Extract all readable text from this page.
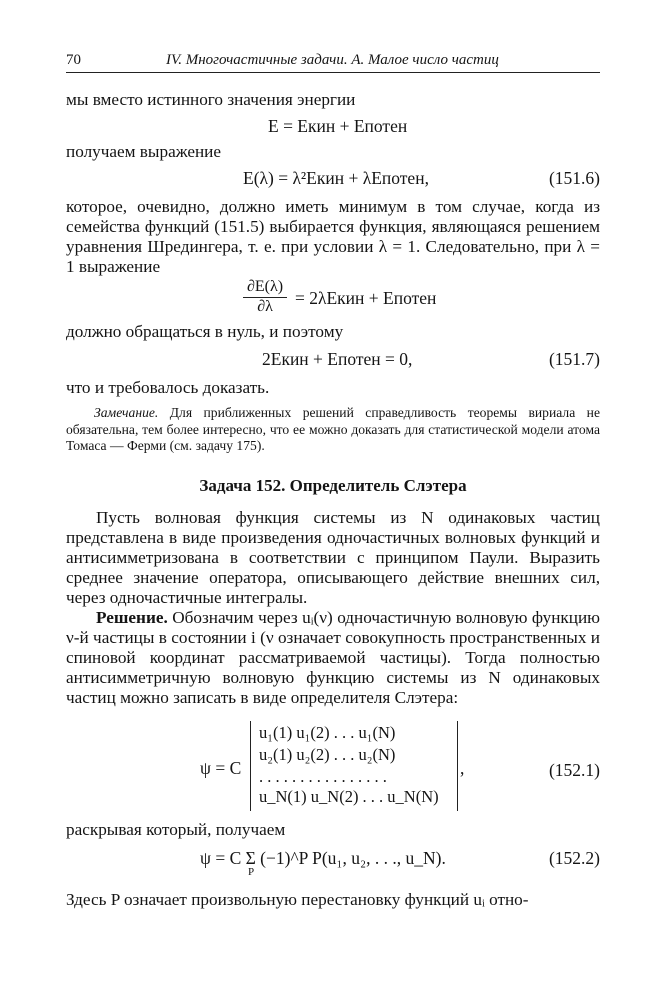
70	IV. Многочастичные задачи. А. Малое число частиц
мы вместо истинного значения энергии
E = Eкин + Eпотен
получаем выражение
E(λ) = λ²Eкин + λEпотен,	(151.6)
которое, очевидно, должно иметь минимум в том случае, когда из семейства функций (151.5) выбирается функция, являющаяся решением уравнения Шредингера, т. е. при условии λ = 1. Следовательно, при λ = 1 выражение
$\frac{\partial E(\lambda)}{\partial\lambda}$ = 2λEкин + Eпотен
должно обращаться в нуль, и поэтому
2Eкин + Eпотен = 0,	(151.7)
что и требовалось доказать.
Замечание. Для приближенных решений справедливость теоремы вириала не обязательна, тем более интересно, что ее можно доказать для статистической модели атома Томаса — Ферми (см. задачу 175).
Задача 152. Определитель Слэтера
Пусть волновая функция системы из N одинаковых частиц представлена в виде произведения одночастичных волновых функций и антисимметризована в соответствии с принципом Паули. Выразить среднее значение оператора, описывающего действие внешних сил, через одночастичные интегралы.
Решение. Обозначим через uᵢ(ν) одночастичную волновую функцию ν-й частицы в состоянии i (ν означает совокупность пространственных и спиновой координат рассматриваемой частицы). Тогда полностью антисимметричную волновую функцию системы из N одинаковых частиц можно записать в виде определителя Слэтера:
ψ = C
u₁(1) u₁(2) . . . u₁(N)
u₂(1) u₂(2) . . . u₂(N)
. . . . . . . . . . . . . . . .
u_N(1) u_N(2) . . . u_N(N)
,	(152.1)
раскрывая который, получаем
ψ = C Σ (−1)^P P(u₁, u₂, . . ., u_N).
P
(152.2)
Здесь P означает произвольную перестановку функций uᵢ отно-
